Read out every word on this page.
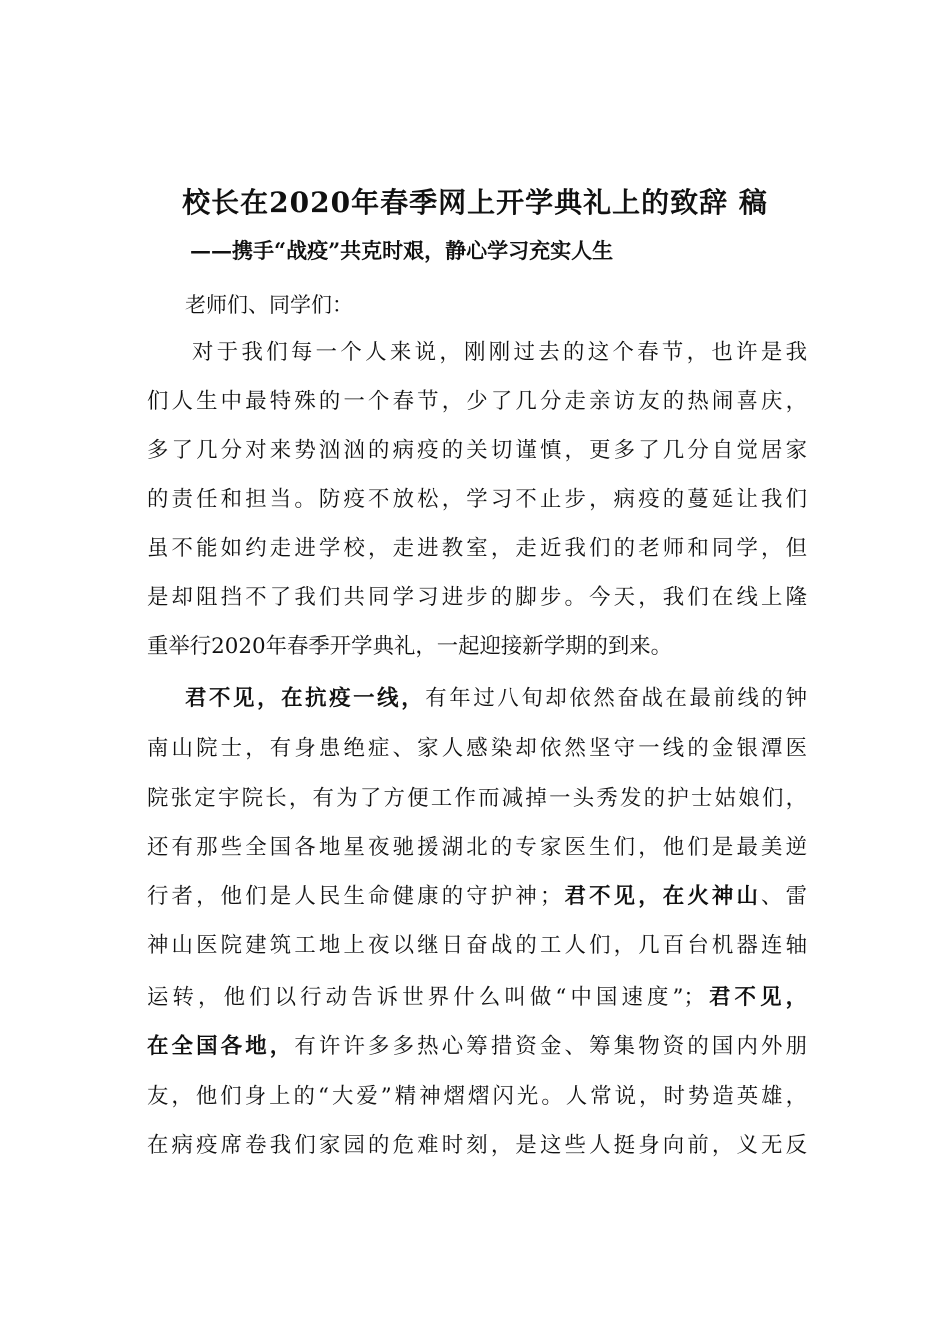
校长在2020年春季网上开学典礼上的致辞 稿
——携手“战疫”共克时艰，静心学习充实人生
老师们、同学们：
对于我们每一个人来说，刚刚过去的这个春节，也许是我
们人生中最特殊的一个春节，少了几分走亲访友的热闹喜庆，
多了几分对来势汹汹的病疫的关切谨慎，更多了几分自觉居家
的责任和担当。防疫不放松，学习不止步，病疫的蔓延让我们
虽不能如约走进学校，走进教室，走近我们的老师和同学，但
是却阻挡不了我们共同学习进步的脚步。今天，我们在线上隆
重举行2020年春季开学典礼，一起迎接新学期的到来。
君不见，在抗疫一线，有年过八旬却依然奋战在最前线的钟
南山院士，有身患绝症、家人感染却依然坚守一线的金银潭医
院张定宇院长，有为了方便工作而减掉一头秀发的护士姑娘们，
还有那些全国各地星夜驰援湖北的专家医生们，他们是最美逆
行者，他们是人民生命健康的守护神；君不见，在火神山、雷
神山医院建筑工地上夜以继日奋战的工人们，几百台机器连轴
运转，他们以行动告诉世界什么叫做“中国速度”；君不见，
在全国各地，有许许多多热心筹措资金、筹集物资的国内外朋
友，他们身上的“大爱”精神熠熠闪光。人常说，时势造英雄，
在病疫席卷我们家园的危难时刻，是这些人挺身向前，义无反
